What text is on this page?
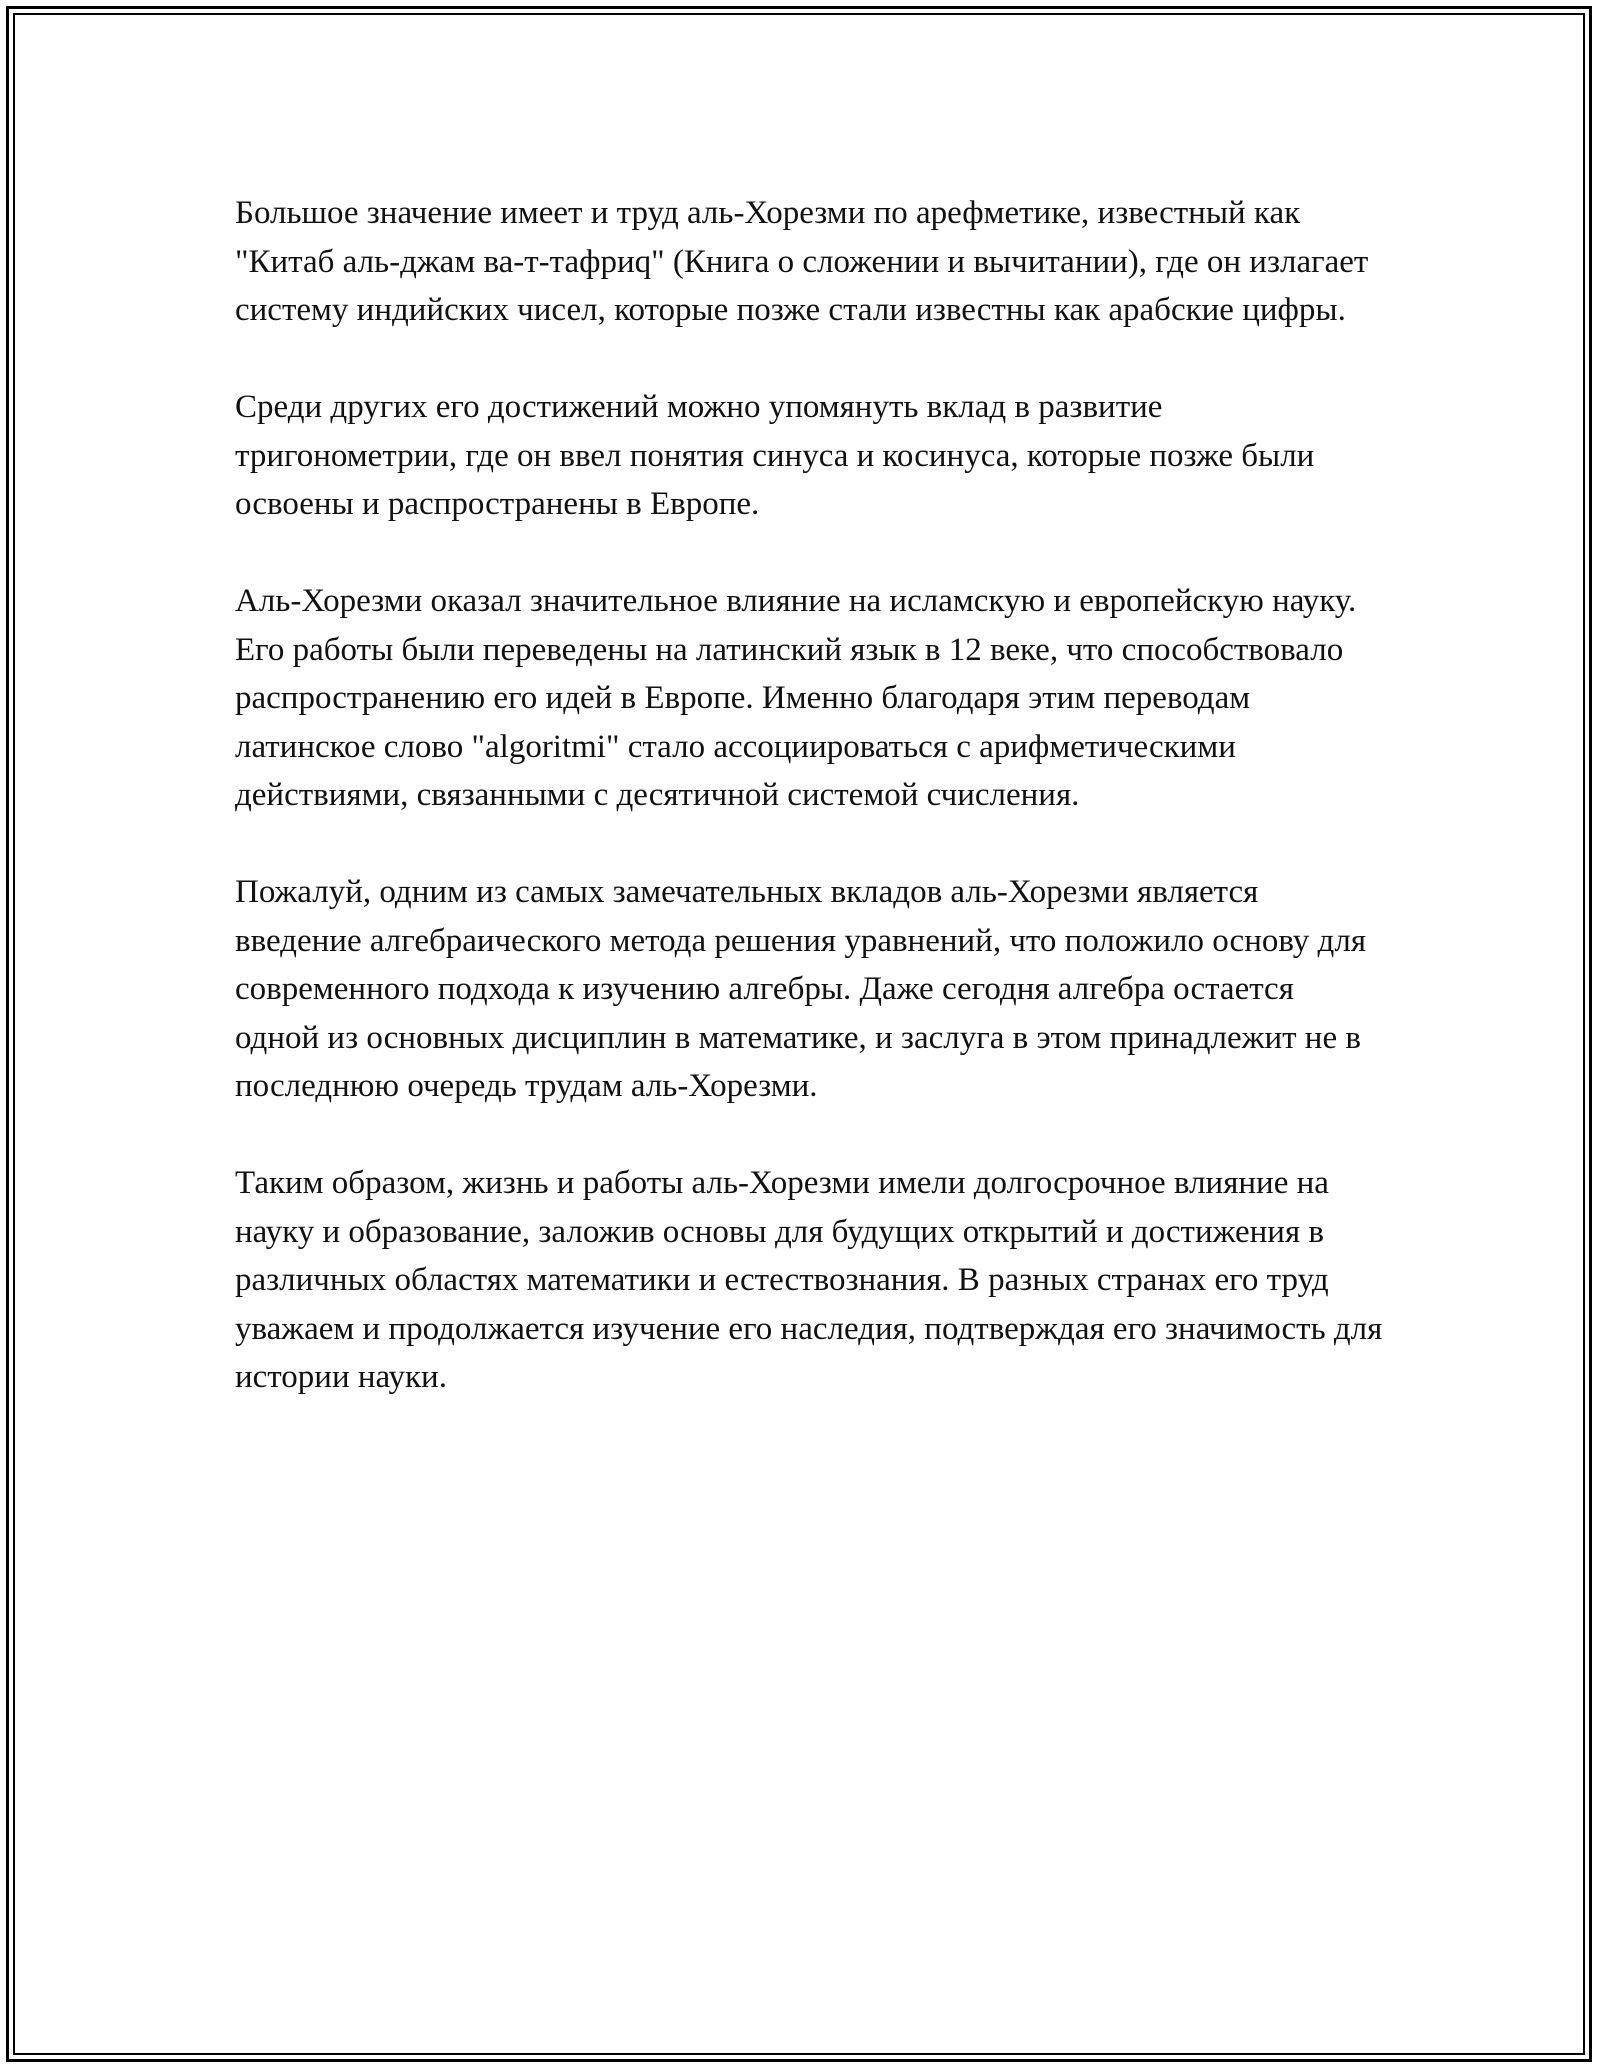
Большое значение имеет и труд аль-Хорезми по арефметике, известный как "Китаб аль-джам ва-т-тафриq" (Книга о сложении и вычитании), где он излагает систему индийских чисел, которые позже стали известны как арабские цифры.

Среди других его достижений можно упомянуть вклад в развитие тригонометрии, где он ввел понятия синуса и косинуса, которые позже были освоены и распространены в Европе.

Аль-Хорезми оказал значительное влияние на исламскую и европейскую науку. Его работы были переведены на латинский язык в 12 веке, что способствовало распространению его идей в Европе. Именно благодаря этим переводам латинское слово "algoritmi" стало ассоциироваться с арифметическими действиями, связанными с десятичной системой счисления.

Пожалуй, одним из самых замечательных вкладов аль-Хорезми является введение алгебраического метода решения уравнений, что положило основу для современного подхода к изучению алгебры. Даже сегодня алгебра остается одной из основных дисциплин в математике, и заслуга в этом принадлежит не в последнюю очередь трудам аль-Хорезми.

Таким образом, жизнь и работы аль-Хорезми имели долгосрочное влияние на науку и образование, заложив основы для будущих открытий и достижения в различных областях математики и естествознания. В разных странах его труд уважаем и продолжается изучение его наследия, подтверждая его значимость для истории науки.
